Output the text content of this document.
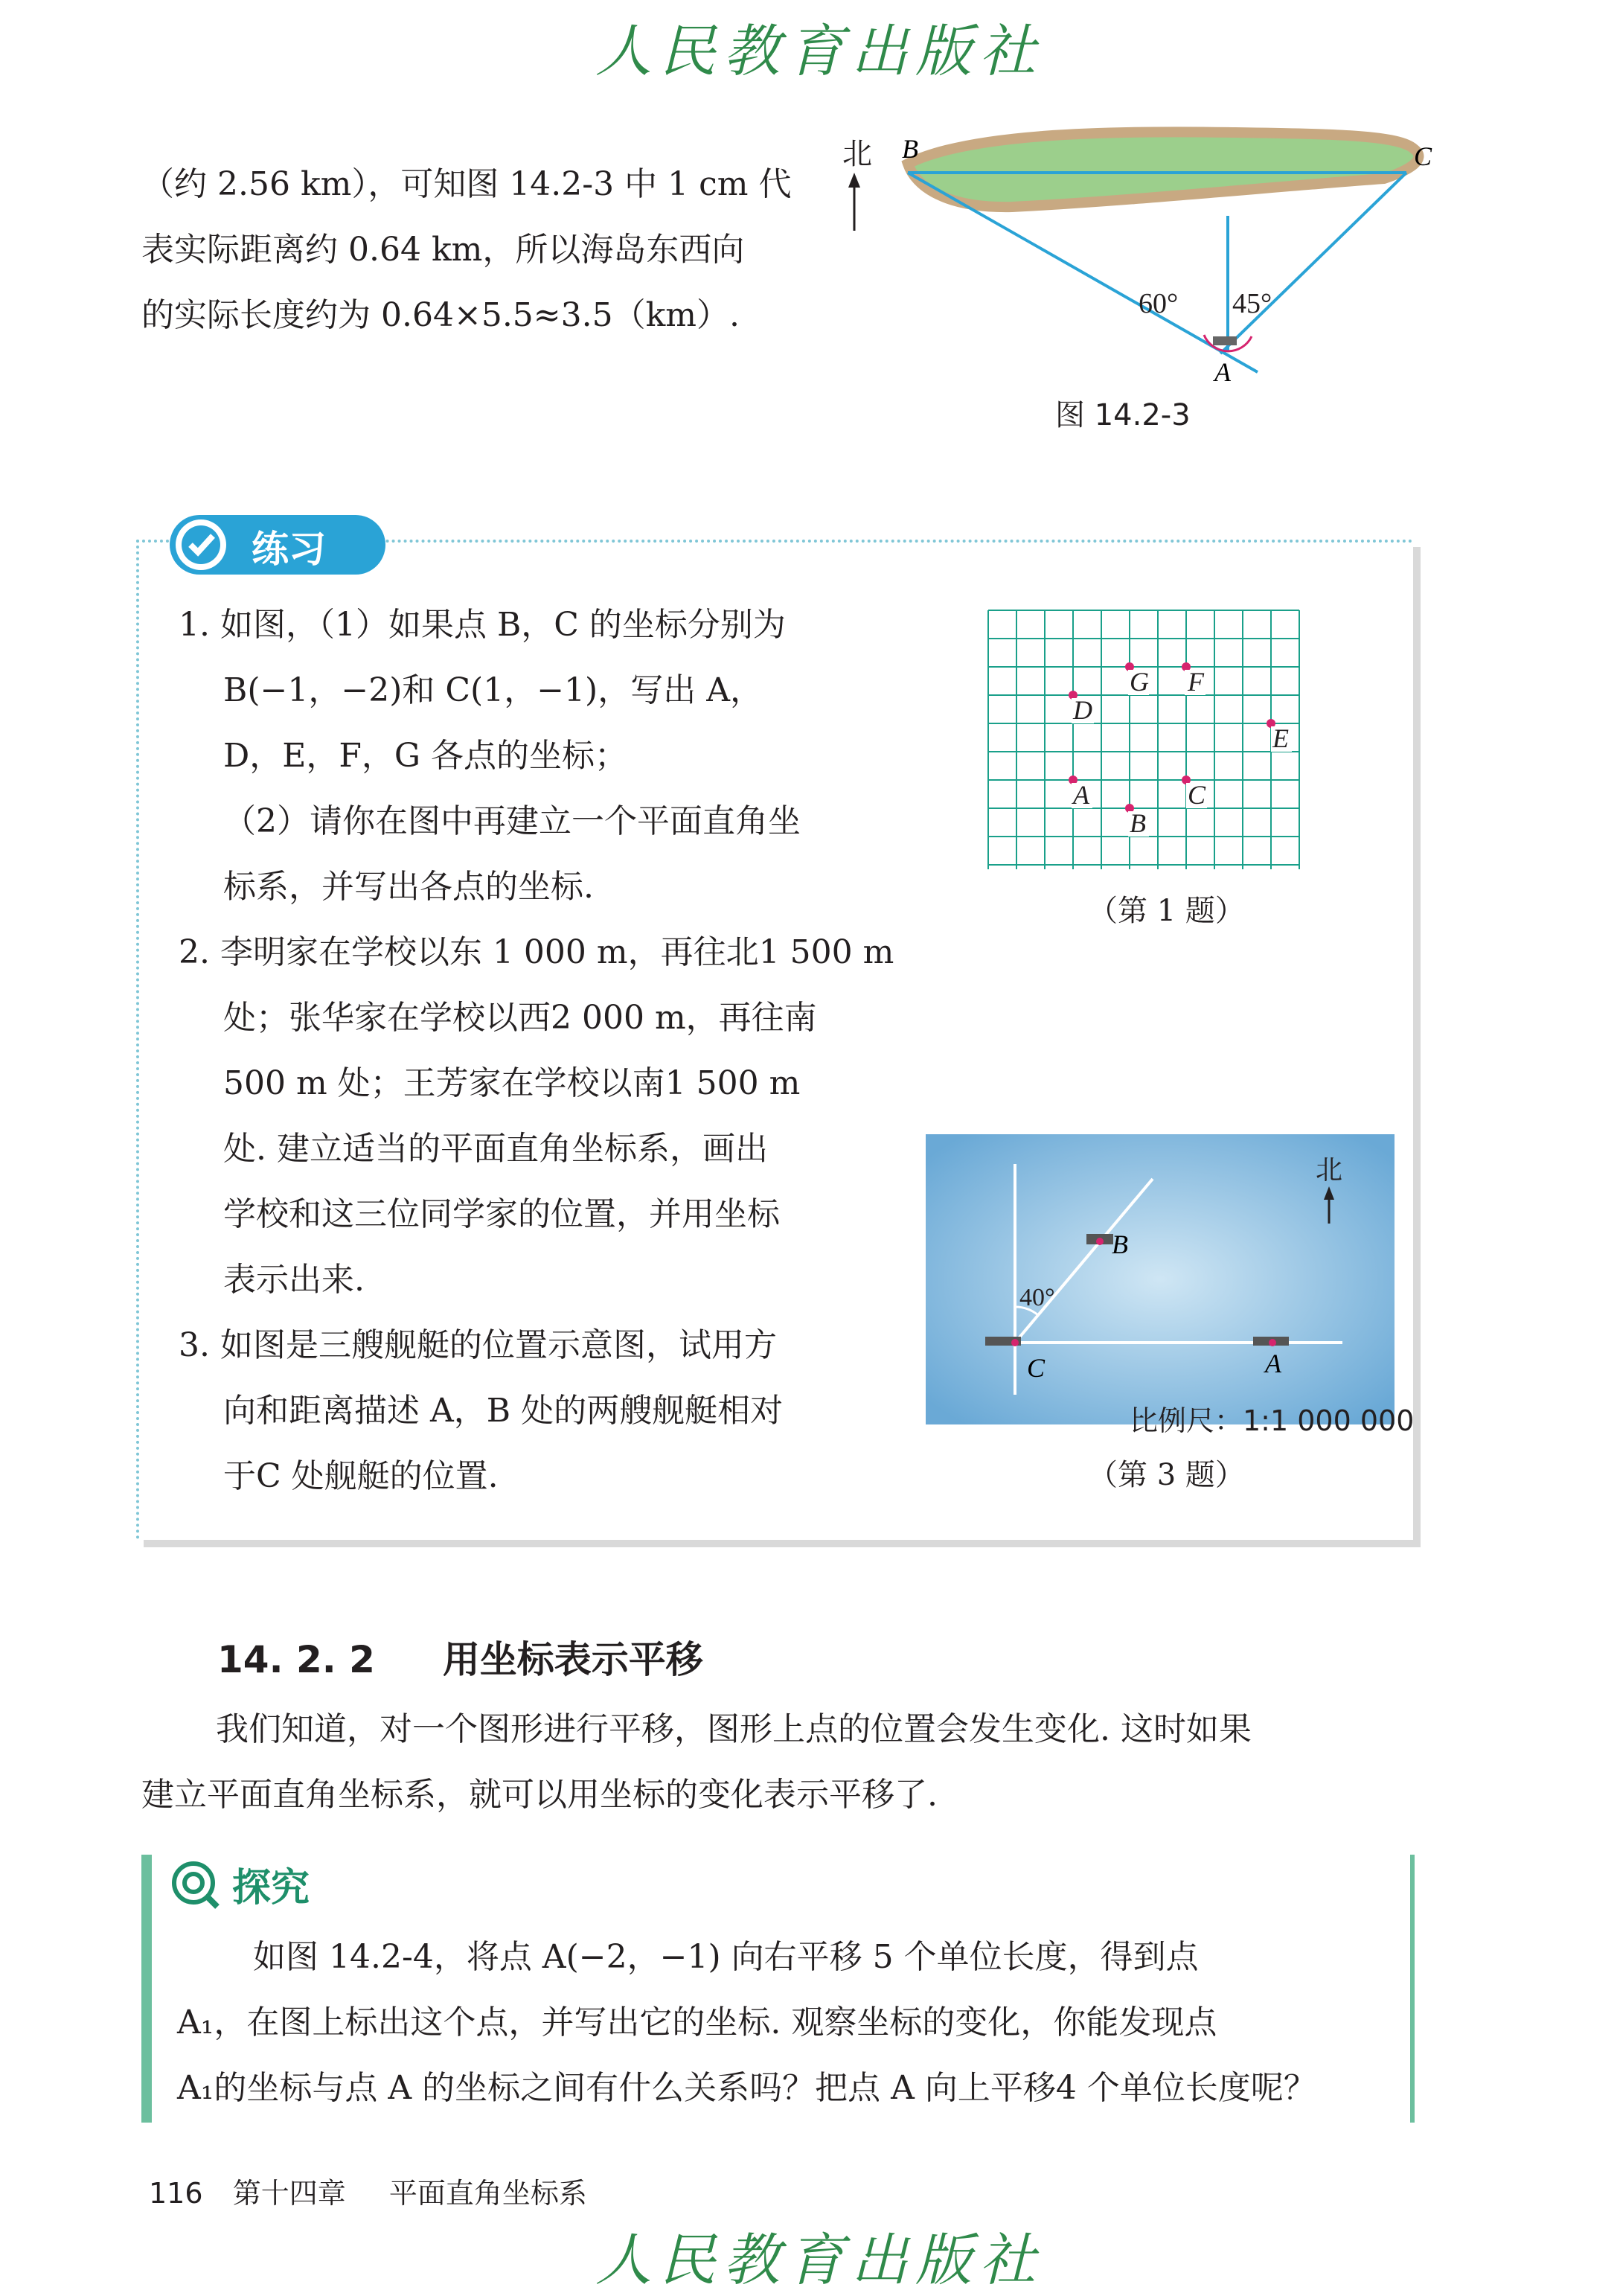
人民教育出版社
（约 2.56 km），可知图 14.2-3 中 1 cm 代
表实际距离约 0.64 km，所以海岛东西向
的实际长度约为 0.64×5.5≈3.5（km）.
北
60° 45°
B	C
A
图 14.2-3
练习
1. 如图，（1）如果点 B，C 的坐标分别为
B(−1，−2)和 C(1，−1)，写出 A，
D，E，F，G 各点的坐标；
（2）请你在图中再建立一个平面直角坐
标系，并写出各点的坐标.
G F
D
E
A	C
B
（第 1 题）
2. 李明家在学校以东 1 000 m，再往北1 500 m
处；张华家在学校以西2 000 m，再往南
500 m 处；王芳家在学校以南1 500 m
处. 建立适当的平面直角坐标系，画出
学校和这三位同学家的位置，并用坐标
表示出来.
3. 如图是三艘舰艇的位置示意图，试用方
向和距离描述 A，B 处的两艘舰艇相对
于C 处舰艇的位置.
40°
C	A
B
北
比例尺：1:1 000 000
（第 3 题）
14. 2. 2 用坐标表示平移
我们知道，对一个图形进行平移，图形上点的位置会发生变化. 这时如果
建立平面直角坐标系，就可以用坐标的变化表示平移了.
探究
如图 14.2-4，将点 A(−2，−1) 向右平移 5 个单位长度，得到点
A₁，在图上标出这个点，并写出它的坐标. 观察坐标的变化，你能发现点
A₁的坐标与点 A 的坐标之间有什么关系吗？把点 A 向上平移4 个单位长度呢？
116 第十四章 平面直角坐标系
人民教育出版社
